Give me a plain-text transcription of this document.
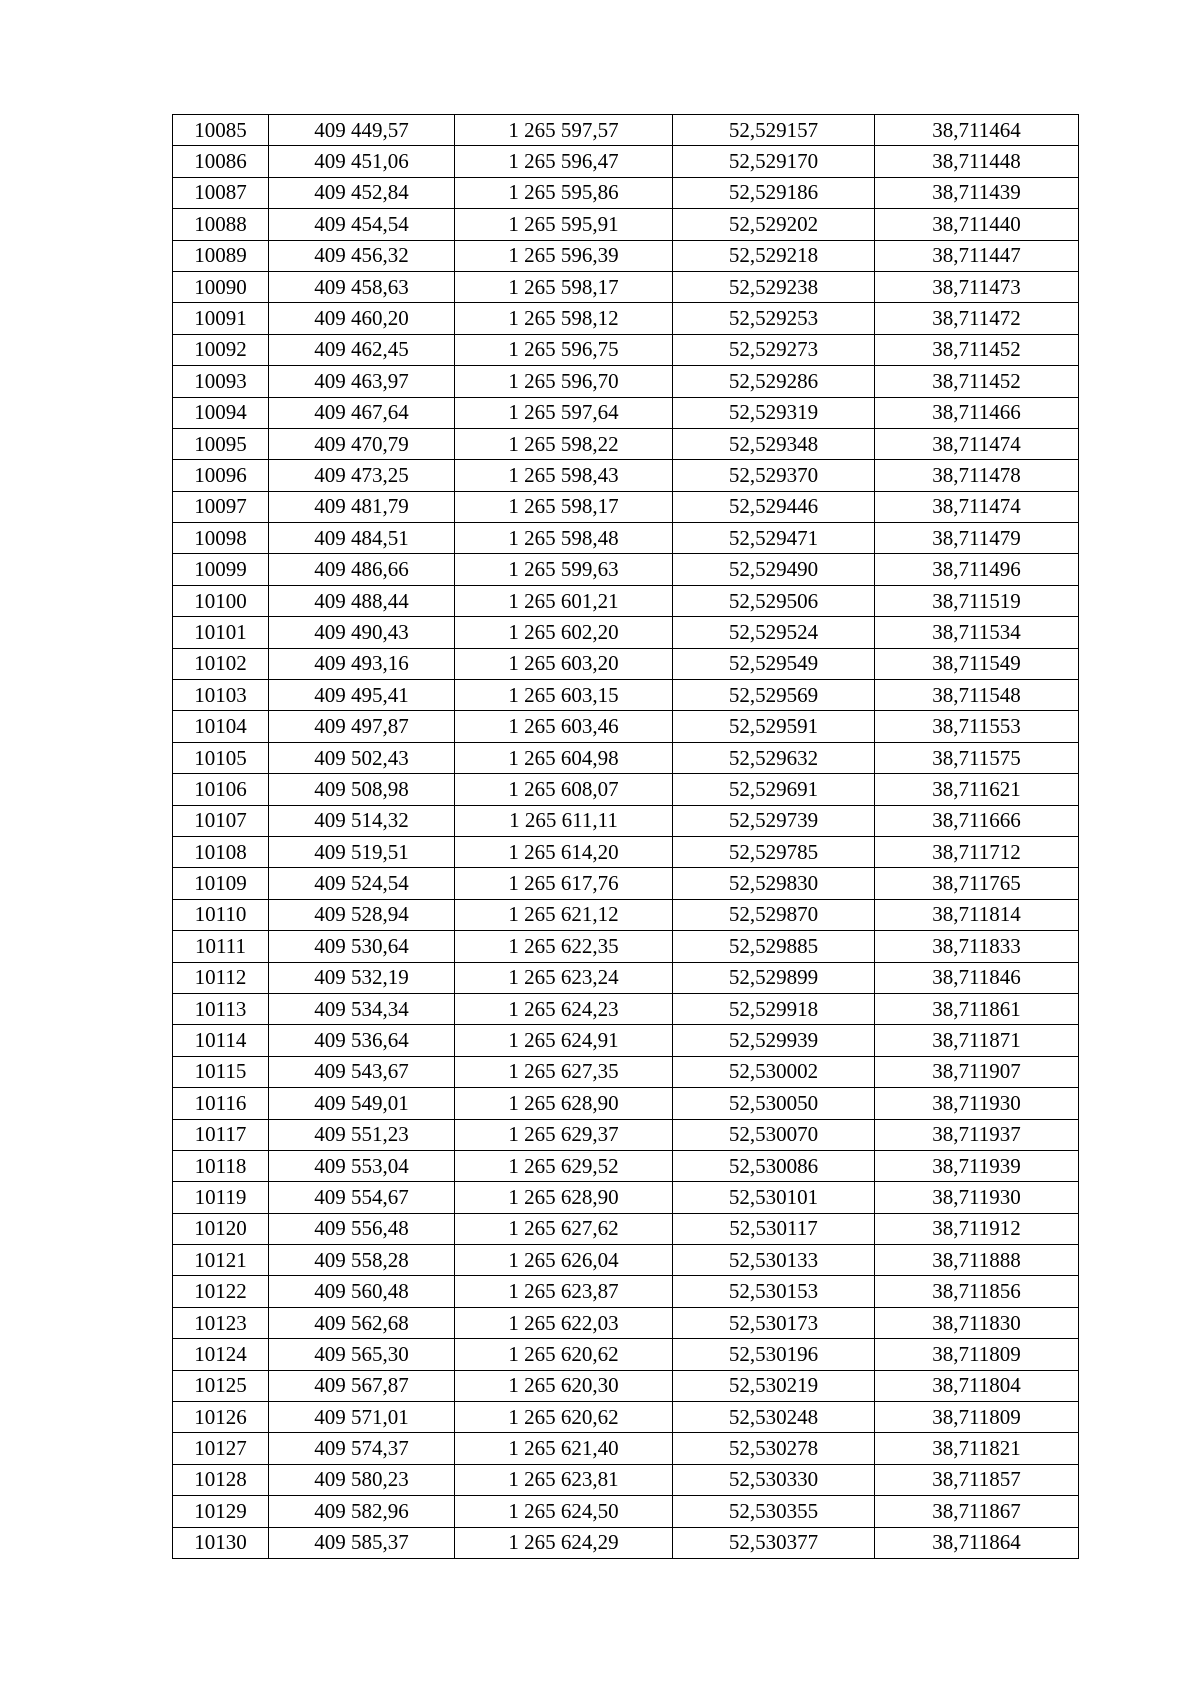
10085	409 449,57	1 265 597,57	52,529157	38,711464
10086	409 451,06	1 265 596,47	52,529170	38,711448
10087	409 452,84	1 265 595,86	52,529186	38,711439
10088	409 454,54	1 265 595,91	52,529202	38,711440
10089	409 456,32	1 265 596,39	52,529218	38,711447
10090	409 458,63	1 265 598,17	52,529238	38,711473
10091	409 460,20	1 265 598,12	52,529253	38,711472
10092	409 462,45	1 265 596,75	52,529273	38,711452
10093	409 463,97	1 265 596,70	52,529286	38,711452
10094	409 467,64	1 265 597,64	52,529319	38,711466
10095	409 470,79	1 265 598,22	52,529348	38,711474
10096	409 473,25	1 265 598,43	52,529370	38,711478
10097	409 481,79	1 265 598,17	52,529446	38,711474
10098	409 484,51	1 265 598,48	52,529471	38,711479
10099	409 486,66	1 265 599,63	52,529490	38,711496
10100	409 488,44	1 265 601,21	52,529506	38,711519
10101	409 490,43	1 265 602,20	52,529524	38,711534
10102	409 493,16	1 265 603,20	52,529549	38,711549
10103	409 495,41	1 265 603,15	52,529569	38,711548
10104	409 497,87	1 265 603,46	52,529591	38,711553
10105	409 502,43	1 265 604,98	52,529632	38,711575
10106	409 508,98	1 265 608,07	52,529691	38,711621
10107	409 514,32	1 265 611,11	52,529739	38,711666
10108	409 519,51	1 265 614,20	52,529785	38,711712
10109	409 524,54	1 265 617,76	52,529830	38,711765
10110	409 528,94	1 265 621,12	52,529870	38,711814
10111	409 530,64	1 265 622,35	52,529885	38,711833
10112	409 532,19	1 265 623,24	52,529899	38,711846
10113	409 534,34	1 265 624,23	52,529918	38,711861
10114	409 536,64	1 265 624,91	52,529939	38,711871
10115	409 543,67	1 265 627,35	52,530002	38,711907
10116	409 549,01	1 265 628,90	52,530050	38,711930
10117	409 551,23	1 265 629,37	52,530070	38,711937
10118	409 553,04	1 265 629,52	52,530086	38,711939
10119	409 554,67	1 265 628,90	52,530101	38,711930
10120	409 556,48	1 265 627,62	52,530117	38,711912
10121	409 558,28	1 265 626,04	52,530133	38,711888
10122	409 560,48	1 265 623,87	52,530153	38,711856
10123	409 562,68	1 265 622,03	52,530173	38,711830
10124	409 565,30	1 265 620,62	52,530196	38,711809
10125	409 567,87	1 265 620,30	52,530219	38,711804
10126	409 571,01	1 265 620,62	52,530248	38,711809
10127	409 574,37	1 265 621,40	52,530278	38,711821
10128	409 580,23	1 265 623,81	52,530330	38,711857
10129	409 582,96	1 265 624,50	52,530355	38,711867
10130	409 585,37	1 265 624,29	52,530377	38,711864
